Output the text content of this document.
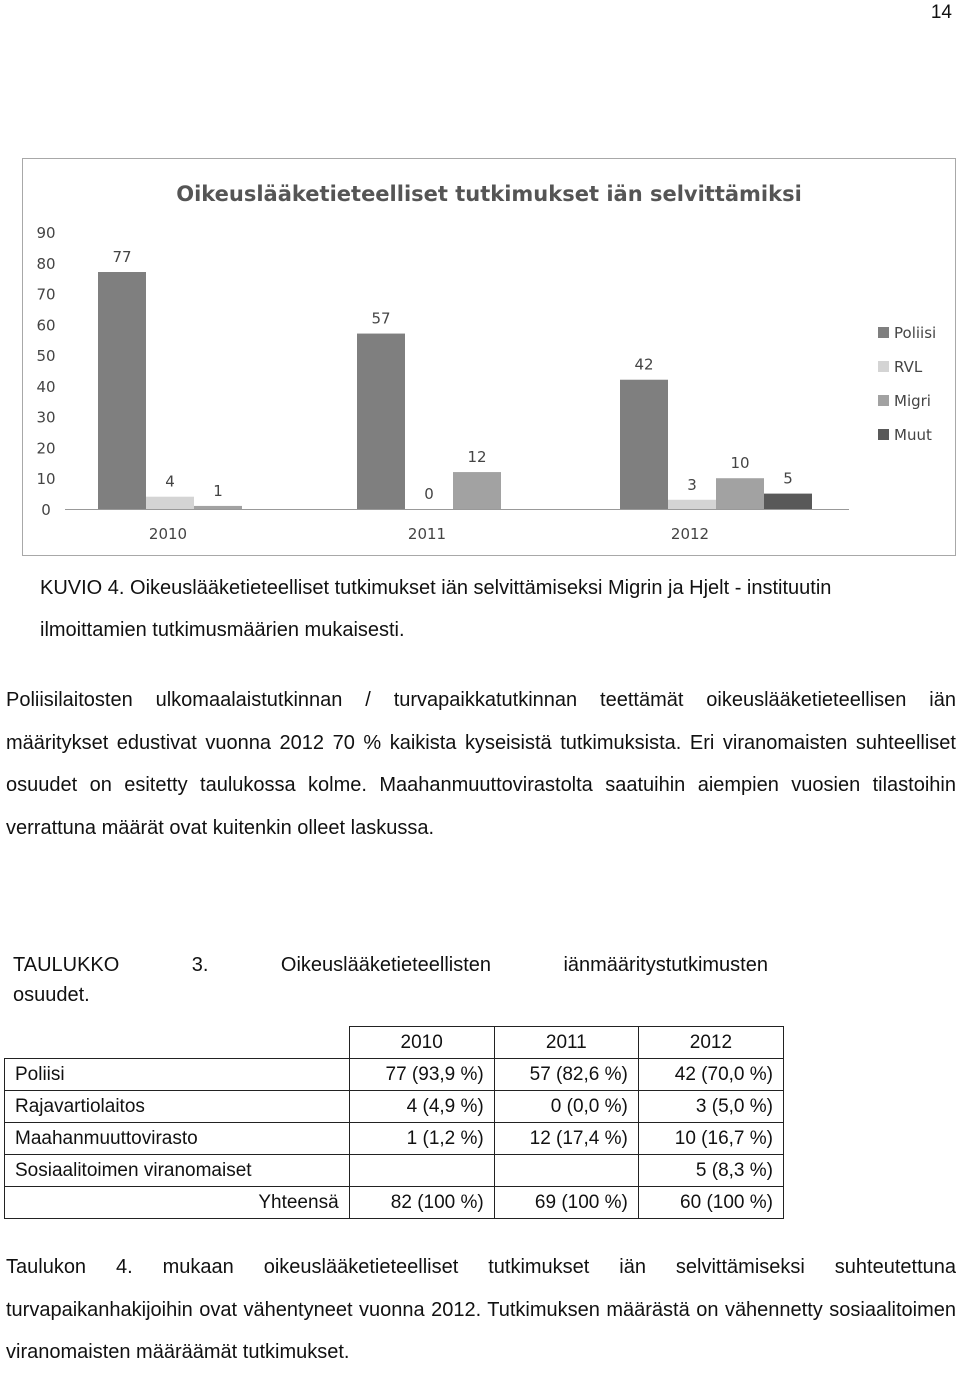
14
Oikeuslääketieteelliset tutkimukset iän selvittämiksi
0
10
20
30
40
50
60
70
80
90
77
4
1
2010
57
0
12
2011
42
3
10
5
2012
Poliisi
RVL
Migri
Muut
KUVIO 4. Oikeuslääketieteelliset tutkimukset iän selvittämiseksi Migrin ja Hjelt - instituutin ilmoittamien tutkimusmäärien mukaisesti.

Poliisilaitosten ulkomaalaistutkinnan / turvapaikkatutkinnan teettämät oikeuslääketieteellisen iän määritykset edustivat vuonna 2012 70 % kaikista kyseisistä tutkimuksista. Eri viranomaisten suhteelliset osuudet on esitetty taulukossa kolme. Maahanmuuttovirastolta saatuihin aiempien vuosien tilastoihin verrattuna määrät ovat kuitenkin olleet laskussa.

TAULUKKO	3.	Oikeuslääketieteellisten	iänmääritystutkimusten
osuudet.
	2010	2011	2012
Poliisi	77 (93,9 %)	57 (82,6 %)	42 (70,0 %)
Rajavartiolaitos	4 (4,9 %)	0 (0,0 %)	3 (5,0 %)
Maahanmuuttovirasto	1 (1,2 %)	12 (17,4 %)	10 (16,7 %)
Sosiaalitoimen viranomaiset			5 (8,3 %)
Yhteensä	82 (100 %)	69 (100 %)	60 (100 %)

Taulukon 4. mukaan oikeuslääketieteelliset tutkimukset iän selvittämiseksi suhteutettuna turvapaikanhakijoihin ovat vähentyneet vuonna 2012. Tutkimuksen määrästä on vähennetty sosiaalitoimen viranomaisten määräämät tutkimukset.
